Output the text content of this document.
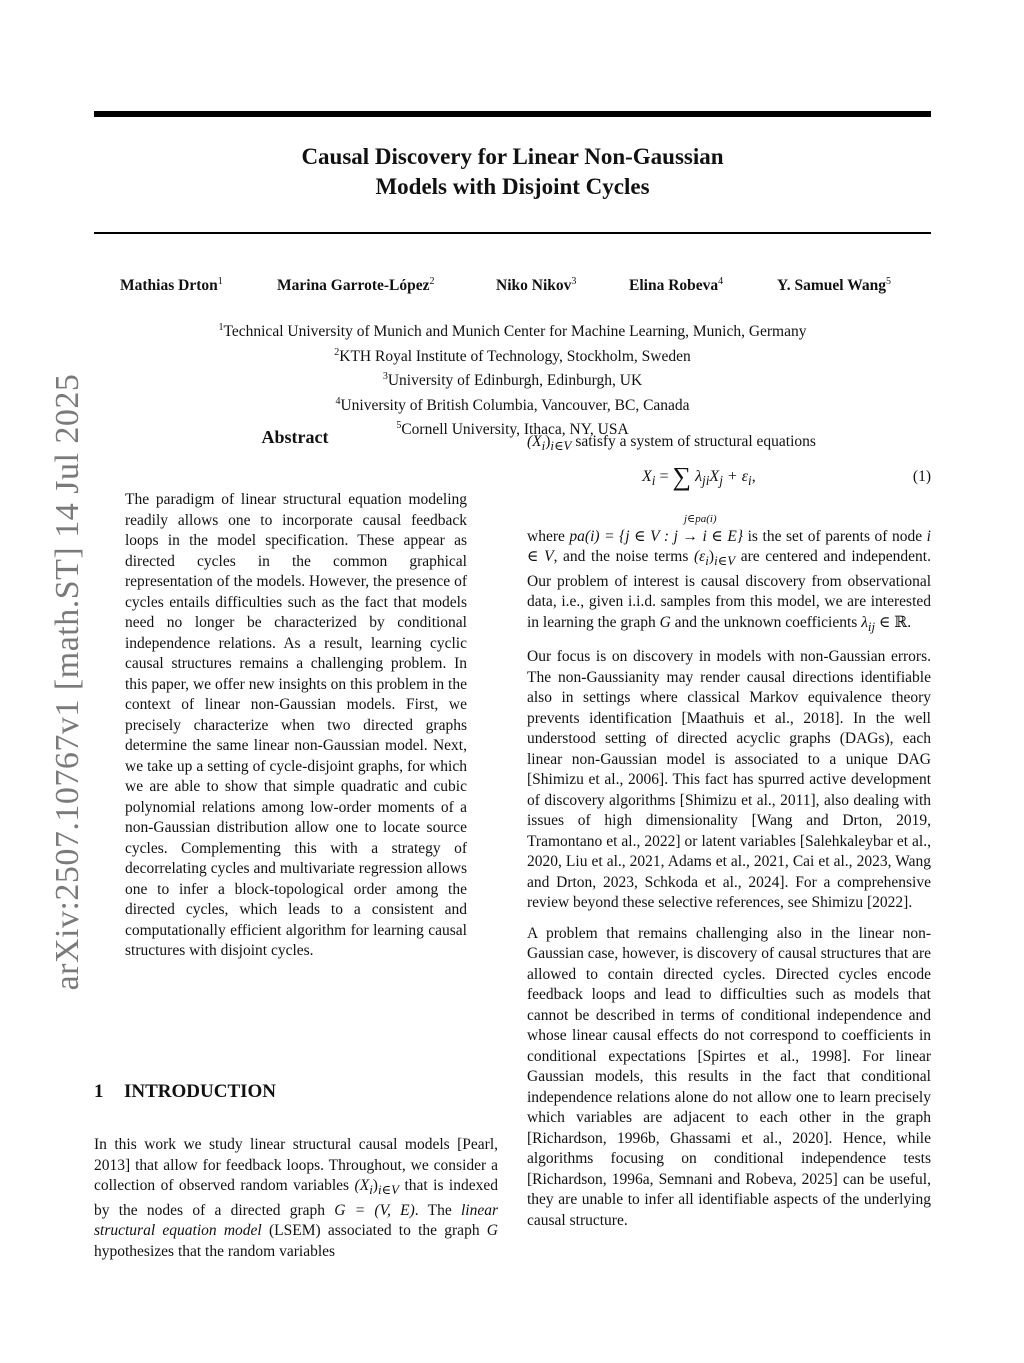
arXiv:2507.10767v1 [math.ST] 14 Jul 2025
Causal Discovery for Linear Non-Gaussian
Models with Disjoint Cycles
Mathias Drton$^1$	Marina Garrote-López$^2$	Niko Nikov$^3$	Elina Robeva$^4$	Y. Samuel Wang$^5$
$^1$Technical University of Munich and Munich Center for Machine Learning, Munich, Germany
$^2$KTH Royal Institute of Technology, Stockholm, Sweden
$^3$University of Edinburgh, Edinburgh, UK
$^4$University of British Columbia, Vancouver, BC, Canada
$^5$Cornell University, Ithaca, NY, USA
Abstract

The paradigm of linear structural equation modeling readily allows one to incorporate causal feedback loops in the model specification. These appear as directed cycles in the common graphical representation of the models. However, the presence of cycles entails difficulties such as the fact that models need no longer be characterized by conditional independence relations. As a result, learning cyclic causal structures remains a challenging problem. In this paper, we offer new insights on this problem in the context of linear non-Gaussian models. First, we precisely characterize when two directed graphs determine the same linear non-Gaussian model. Next, we take up a setting of cycle-disjoint graphs, for which we are able to show that simple quadratic and cubic polynomial relations among low-order moments of a non-Gaussian distribution allow one to locate source cycles. Complementing this with a strategy of decorrelating cycles and multivariate regression allows one to infer a block-topological order among the directed cycles, which leads to a consistent and computationally efficient algorithm for learning causal structures with disjoint cycles.

1 INTRODUCTION

In this work we study linear structural causal models [Pearl, 2013] that allow for feedback loops. Throughout, we consider a collection of observed random variables $(X_i)_{i\in V}$ that is indexed by the nodes of a directed graph G = (V, E). The linear structural equation model (LSEM) associated to the graph G hypothesizes that the random variables

$(X_i)_{i\in V}$ satisfy a system of structural equations

$X_i$ = ∑ $\lambda_{ji}X_j + \varepsilon_i$,
j∈pa(i)
(1)

where pa(i) = {j ∈ V : j → i ∈ E} is the set of parents of node i ∈ V, and the noise terms $(\varepsilon_i)_{i\in V}$ are centered and independent. Our problem of interest is causal discovery from observational data, i.e., given i.i.d. samples from this model, we are interested in learning the graph G and the unknown coefficients $\lambda_{ij}$ ∈ ℝ.

Our focus is on discovery in models with non-Gaussian errors. The non-Gaussianity may render causal directions identifiable also in settings where classical Markov equivalence theory prevents identification [Maathuis et al., 2018]. In the well understood setting of directed acyclic graphs (DAGs), each linear non-Gaussian model is associated to a unique DAG [Shimizu et al., 2006]. This fact has spurred active development of discovery algorithms [Shimizu et al., 2011], also dealing with issues of high dimensionality [Wang and Drton, 2019, Tramontano et al., 2022] or latent variables [Salehkaleybar et al., 2020, Liu et al., 2021, Adams et al., 2021, Cai et al., 2023, Wang and Drton, 2023, Schkoda et al., 2024]. For a comprehensive review beyond these selective references, see Shimizu [2022].

A problem that remains challenging also in the linear non-Gaussian case, however, is discovery of causal structures that are allowed to contain directed cycles. Directed cycles encode feedback loops and lead to difficulties such as models that cannot be described in terms of conditional independence and whose linear causal effects do not correspond to coefficients in conditional expectations [Spirtes et al., 1998]. For linear Gaussian models, this results in the fact that conditional independence relations alone do not allow one to learn precisely which variables are adjacent to each other in the graph [Richardson, 1996b, Ghassami et al., 2020]. Hence, while algorithms focusing on conditional independence tests [Richardson, 1996a, Semnani and Robeva, 2025] can be useful, they are unable to infer all identifiable aspects of the underlying causal structure.
